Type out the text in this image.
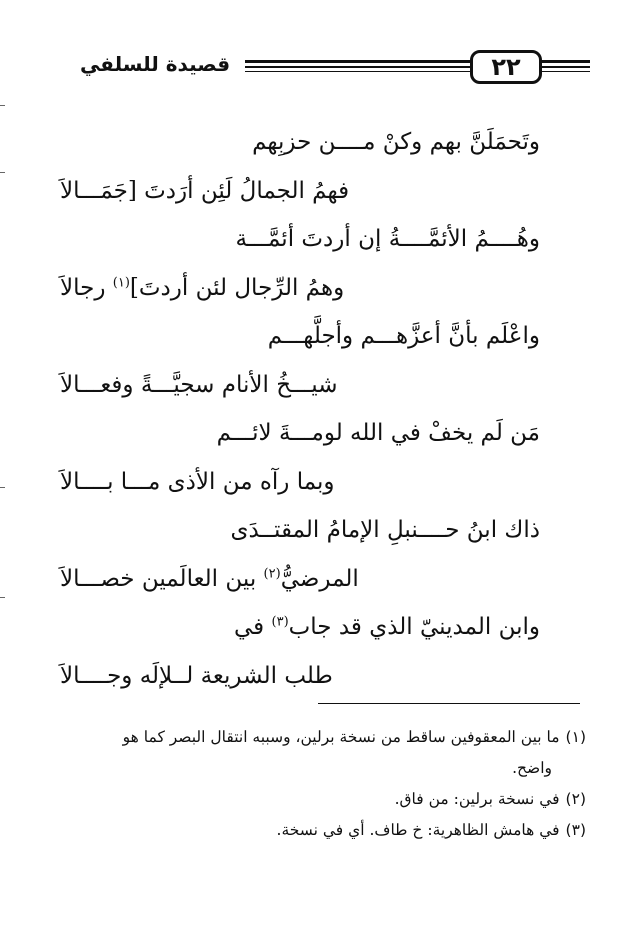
قصيدة للسلفي	٢٢
وتَحمَلَنَّ بهم وكنْ مــــن حزبِهم
فهمُ الجمالُ لَئِن أرَدتَ [جَمَـــالاَ
وهُــــمُ الأئمَّــــةُ إن أردتَ أئمَّـــة
وهمُ الرِّجال لئن أردتَ]$^{(١)}$ رجالاَ
واعْلَم بأنَّ أعزَّهـــم وأجلَّهـــم
شيـــخُ الأنام سجيَّـــةً وفعـــالاَ
مَن لَم يخفْ في الله لومـــةَ لائـــم
وبما رآه من الأذى مـــا بــــالاَ
ذاك ابنُ حــــنبلِ الإمامُ المقتــدَى
المرضيُّ$^{(٢)}$ بين العالَمين خصـــالاَ
وابن المدينيّ الذي قد جاب$^{(٣)}$ في
طلب الشريعة لــلإلَه وجــــالاَ
(١)ما بين المعقوفين ساقط من نسخة برلين، وسببه انتقال البصر كما هو
واضح.
(٢)في نسخة برلين: من فاق.
(٣)في هامش الظاهرية: خ طاف. أي في نسخة.
